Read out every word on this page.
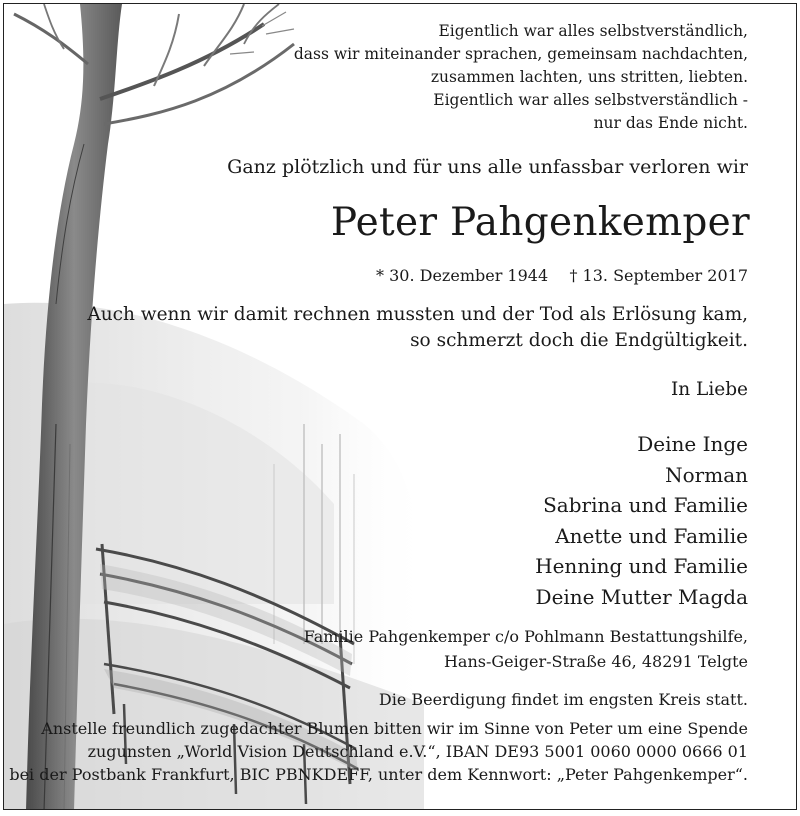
Eigentlich war alles selbstverständlich,
dass wir miteinander sprachen, gemeinsam nachdachten,
zusammen lachten, uns stritten, liebten.
Eigentlich war alles selbstverständlich -
nur das Ende nicht.
Ganz plötzlich und für uns alle unfassbar verloren wir
Peter Pahgenkemper
* 30. Dezember 1944 † 13. September 2017
Auch wenn wir damit rechnen mussten und der Tod als Erlösung kam,
so schmerzt doch die Endgültigkeit.
In Liebe
Deine Inge
Norman
Sabrina und Familie
Anette und Familie
Henning und Familie
Deine Mutter Magda
Familie Pahgenkemper c/o Pohlmann Bestattungshilfe,
Hans-Geiger-Straße 46, 48291 Telgte
Die Beerdigung findet im engsten Kreis statt.
Anstelle freundlich zugedachter Blumen bitten wir im Sinne von Peter um eine Spende
zugunsten „World Vision Deutschland e.V.“, IBAN DE93 5001 0060 0000 0666 01
bei der Postbank Frankfurt, BIC PBNKDEFF, unter dem Kennwort: „Peter Pahgenkemper“.
